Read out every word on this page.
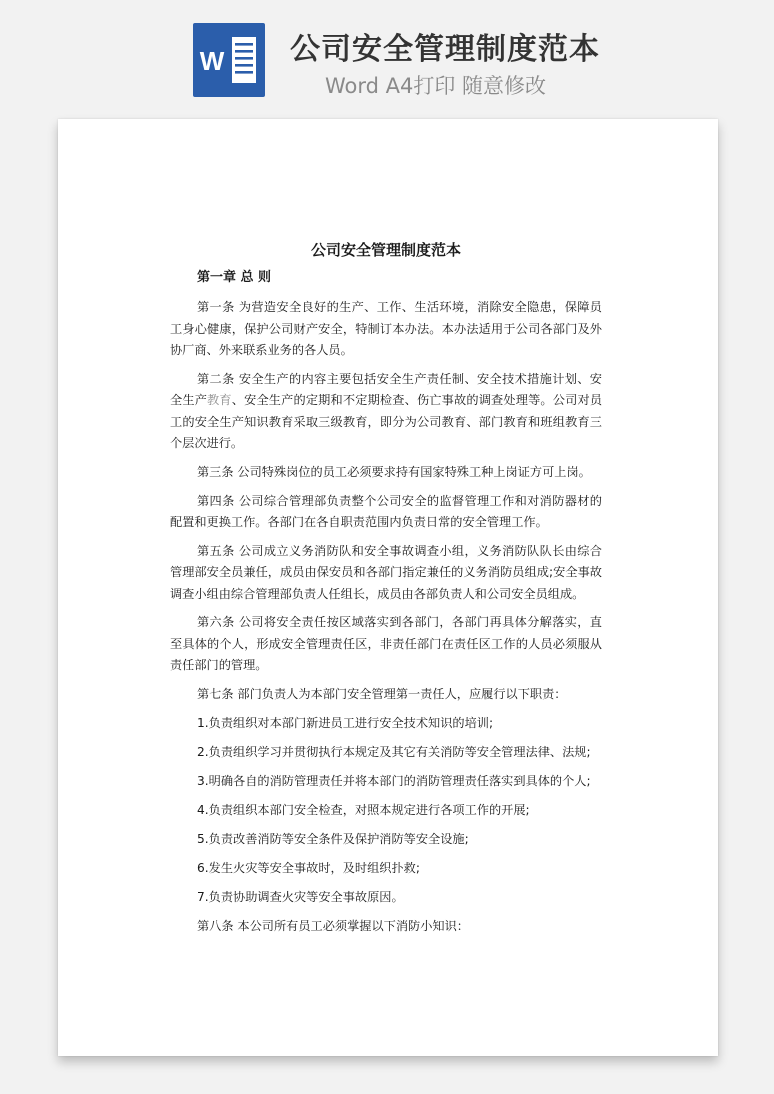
W 公司安全管理制度范本
Word A4打印 随意修改
公司安全管理制度范本
第一章 总 则

第一条 为营造安全良好的生产、工作、生活环境，消除安全隐患，保障员工身心健康，保护公司财产安全，特制订本办法。本办法适用于公司各部门及外协厂商、外来联系业务的各人员。

第二条 安全生产的内容主要包括安全生产责任制、安全技术措施计划、安全生产教育、安全生产的定期和不定期检查、伤亡事故的调查处理等。公司对员工的安全生产知识教育采取三级教育，即分为公司教育、部门教育和班组教育三个层次进行。

第三条 公司特殊岗位的员工必须要求持有国家特殊工种上岗证方可上岗。

第四条 公司综合管理部负责整个公司安全的监督管理工作和对消防器材的配置和更换工作。各部门在各自职责范围内负责日常的安全管理工作。

第五条 公司成立义务消防队和安全事故调查小组，义务消防队队长由综合管理部安全员兼任，成员由保安员和各部门指定兼任的义务消防员组成;安全事故调查小组由综合管理部负责人任组长，成员由各部负责人和公司安全员组成。

第六条 公司将安全责任按区域落实到各部门，各部门再具体分解落实，直至具体的个人，形成安全管理责任区，非责任部门在责任区工作的人员必须服从责任部门的管理。

第七条 部门负责人为本部门安全管理第一责任人，应履行以下职责：

1.负责组织对本部门新进员工进行安全技术知识的培训;

2.负责组织学习并贯彻执行本规定及其它有关消防等安全管理法律、法规;

3.明确各自的消防管理责任并将本部门的消防管理责任落实到具体的个人;

4.负责组织本部门安全检查，对照本规定进行各项工作的开展;

5.负责改善消防等安全条件及保护消防等安全设施;

6.发生火灾等安全事故时，及时组织扑救;

7.负责协助调查火灾等安全事故原因。

第八条 本公司所有员工必须掌握以下消防小知识：
